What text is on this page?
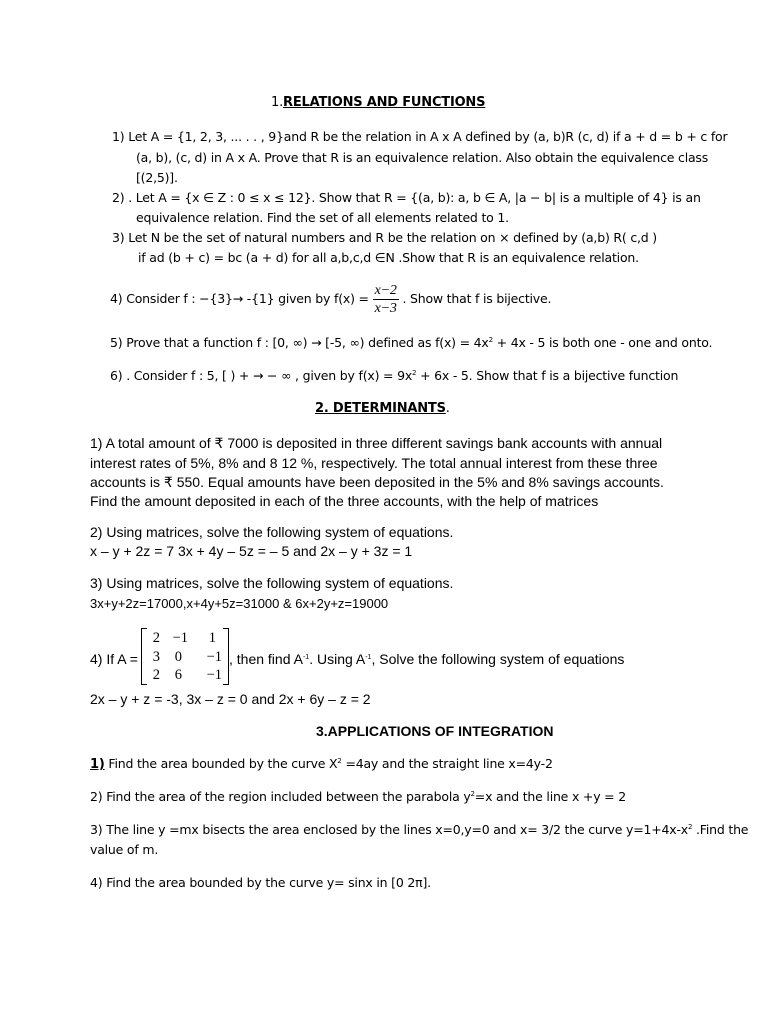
1.RELATIONS AND FUNCTIONS
1) Let A = {1, 2, 3, ... . . , 9}and R be the relation in A x A defined by (a, b)R (c, d) if a + d = b + c for
(a, b), (c, d) in A x A. Prove that R is an equivalence relation. Also obtain the equivalence class
[(2,5)].
2) . Let A = {x ∈ Z : 0 ≤ x ≤ 12}. Show that R = {(a, b): a, b ∈ A, |a − b| is a multiple of 4} is an
equivalence relation. Find the set of all elements related to 1.
3) Let N be the set of natural numbers and R be the relation on × defined by (a,b) R( c,d )
if ad (b + c) = bc (a + d) for all a,b,c,d ∈N .Show that R is an equivalence relation.
4) Consider f : −{3}→ -{1} given by $f(x) = \frac{x-2}{x-3}$ . Show that f is bijective.
5) Prove that a function f : [0, ∞) → [-5, ∞) defined as $f(x) = 4x^2 + 4x - 5$ is both one - one and onto.
6) . Consider f : 5, [ ) + → − ∞ , given by $f(x) = 9x^2 + 6x - 5$. Show that f is a bijective function
2. DETERMINANTS.
1) A total amount of ₹ 7000 is deposited in three different savings bank accounts with annual
interest rates of 5%, 8% and 8 12 %, respectively. The total annual interest from these three
accounts is ₹ 550. Equal amounts have been deposited in the 5% and 8% savings accounts.
Find the amount deposited in each of the three accounts, with the help of matrices
2) Using matrices, solve the following system of equations.
x – y + 2z = 7 3x + 4y – 5z = – 5 and 2x – y + 3z = 1
3) Using matrices, solve the following system of equations.
3x+y+2z=17000,x+4y+5z=31000 & 6x+2y+z=19000
4) If A =
2 −1	1
3	0	−1
2	6	−1
, then find $A^{-1}$. Using $A^{-1}$, Solve the following system of equations
2x – y + z = -3, 3x – z = 0 and 2x + 6y – z = 2
3.APPLICATIONS OF INTEGRATION
1) Find the area bounded by the curve $X^2 =4ay$ and the straight line x=4y-2
2) Find the area of the region included between the parabola $y^2=x$ and the line x +y = 2
3) The line y =mx bisects the area enclosed by the lines x=0,y=0 and x= 3/2 the curve $y=1+4x-x^2$ .Find the
value of m.
4) Find the area bounded by the curve y= sinx in [0 2π].
